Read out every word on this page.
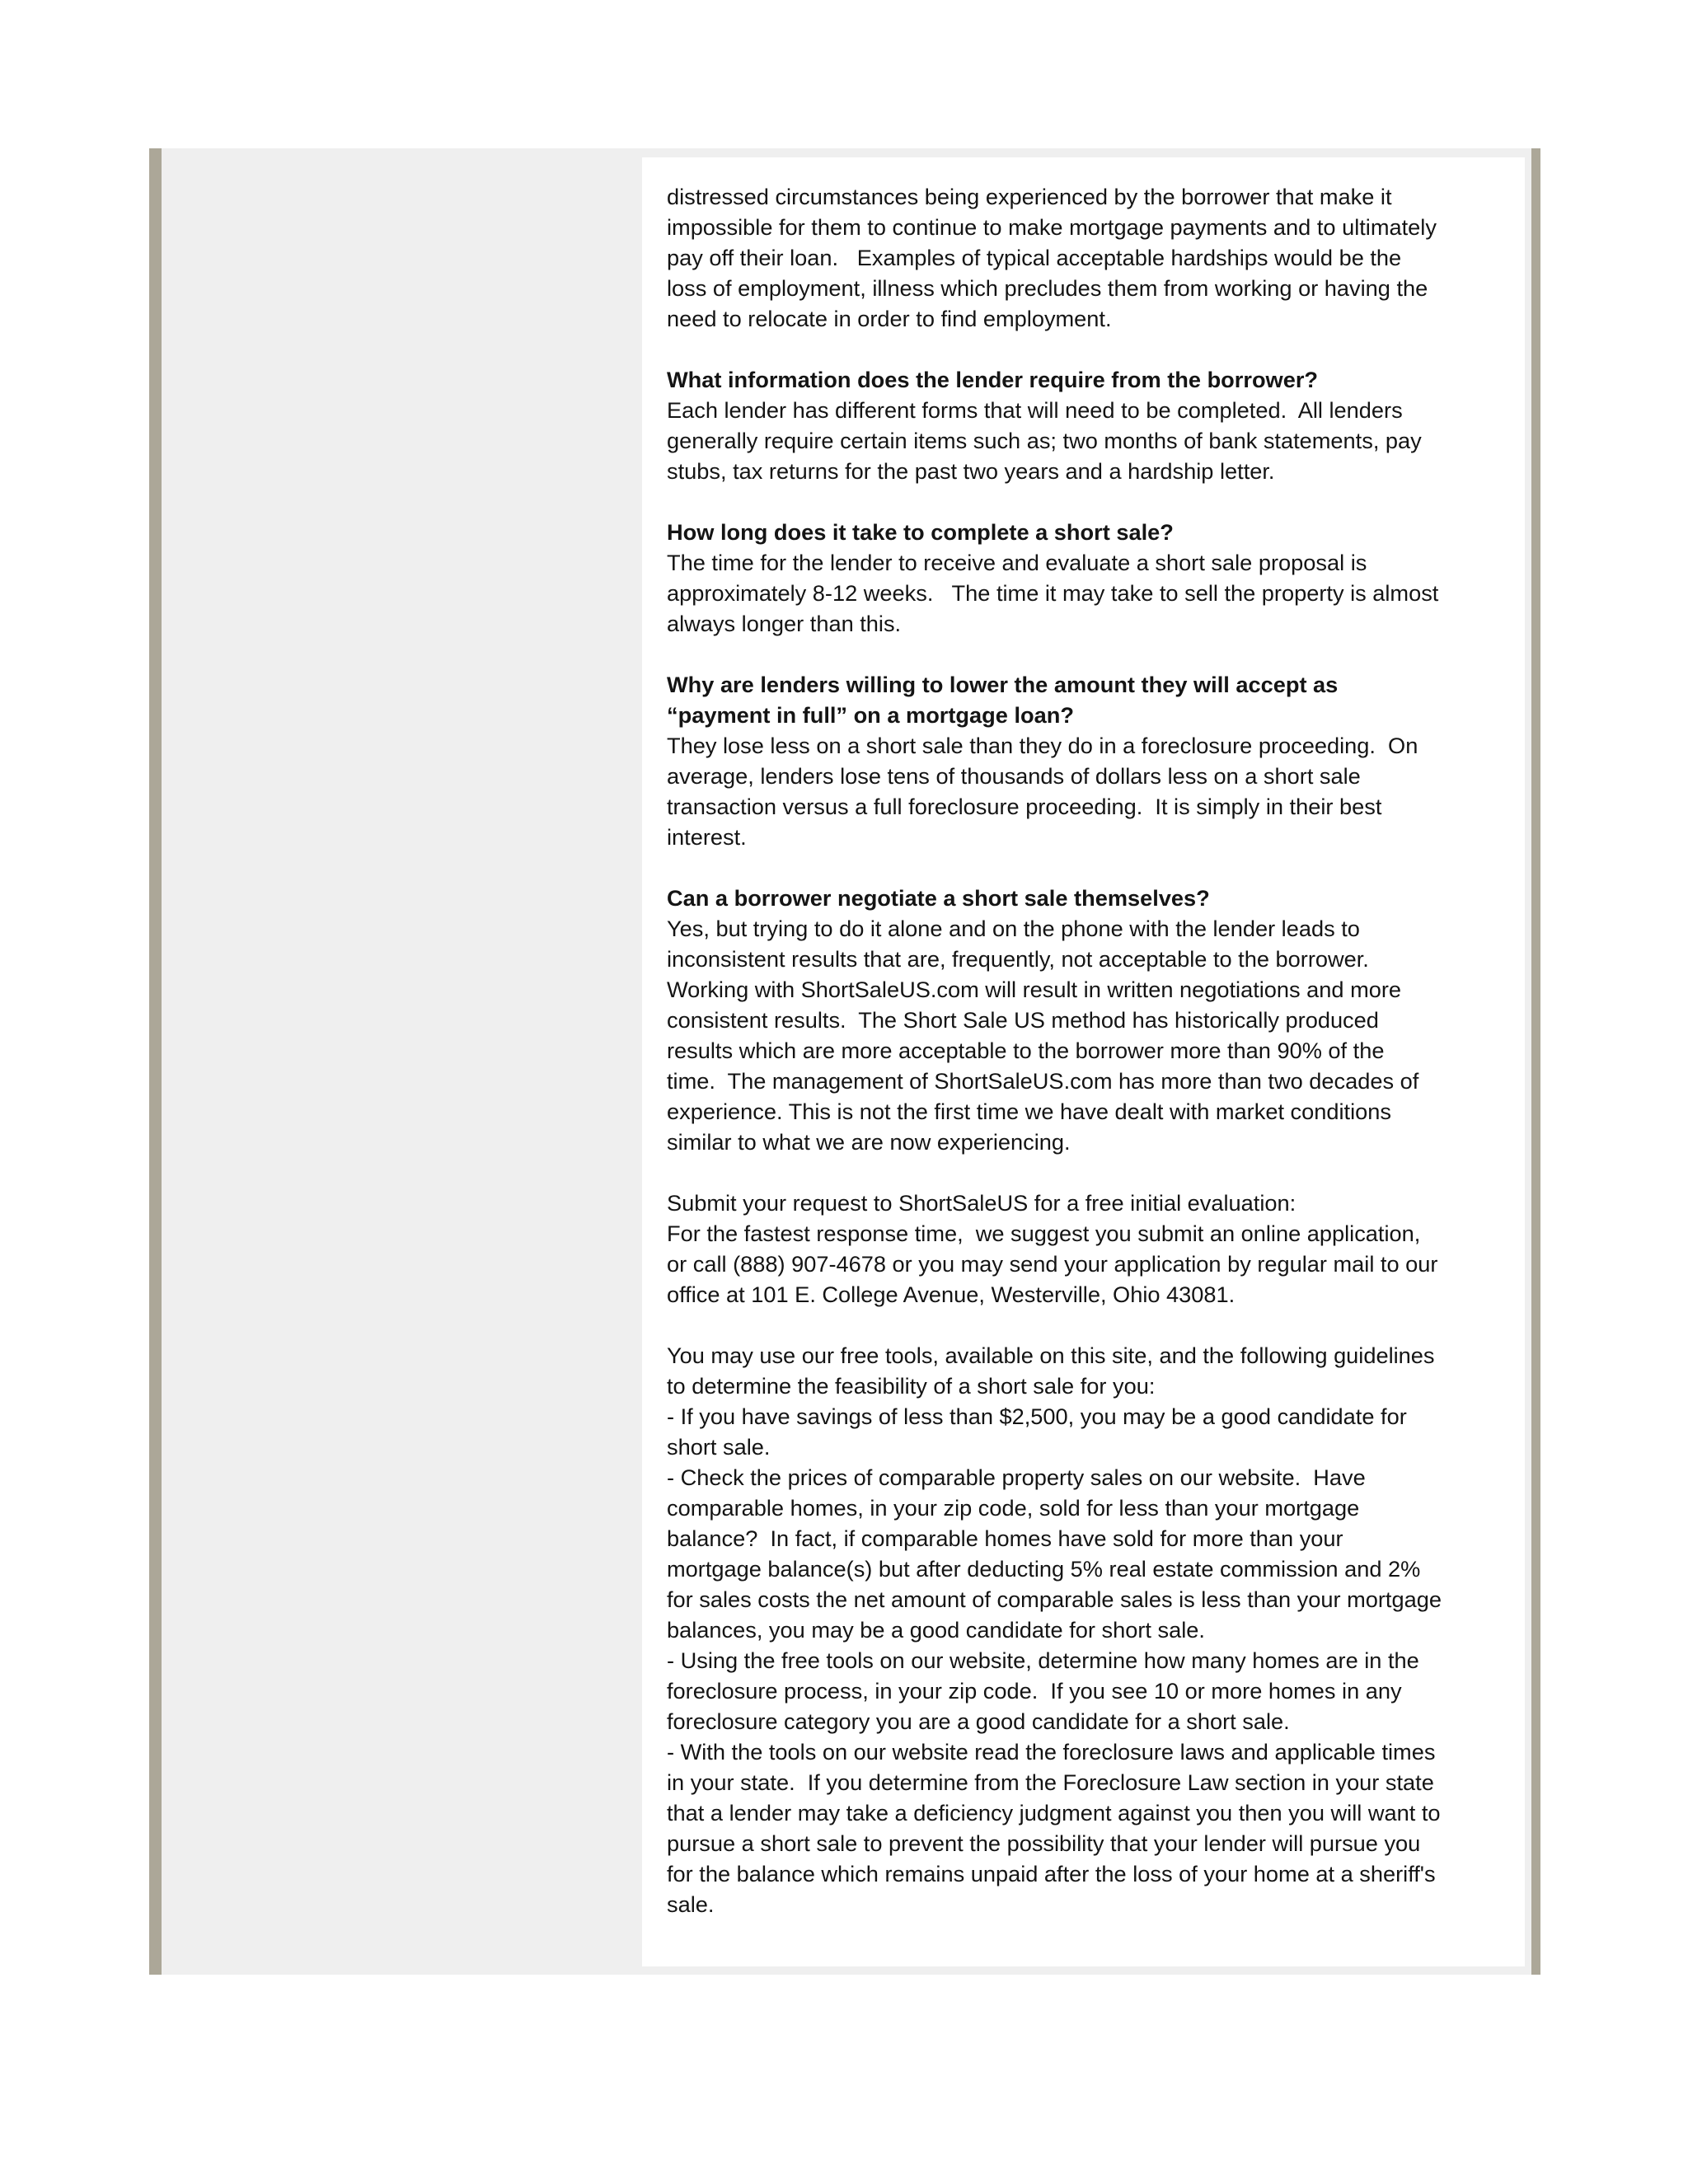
distressed circumstances being experienced by the borrower that make it
impossible for them to continue to make mortgage payments and to ultimately
pay off their loan.   Examples of typical acceptable hardships would be the
loss of employment, illness which precludes them from working or having the
need to relocate in order to find employment.

What information does the lender require from the borrower?
Each lender has different forms that will need to be completed.  All lenders
generally require certain items such as; two months of bank statements, pay
stubs, tax returns for the past two years and a hardship letter.

How long does it take to complete a short sale?
The time for the lender to receive and evaluate a short sale proposal is
approximately 8-12 weeks.   The time it may take to sell the property is almost
always longer than this.

Why are lenders willing to lower the amount they will accept as
“payment in full” on a mortgage loan?
They lose less on a short sale than they do in a foreclosure proceeding.  On
average, lenders lose tens of thousands of dollars less on a short sale
transaction versus a full foreclosure proceeding.  It is simply in their best
interest.

Can a borrower negotiate a short sale themselves?
Yes, but trying to do it alone and on the phone with the lender leads to
inconsistent results that are, frequently, not acceptable to the borrower.
Working with ShortSaleUS.com will result in written negotiations and more
consistent results.  The Short Sale US method has historically produced
results which are more acceptable to the borrower more than 90% of the
time.  The management of ShortSaleUS.com has more than two decades of
experience. This is not the first time we have dealt with market conditions
similar to what we are now experiencing.

Submit your request to ShortSaleUS for a free initial evaluation:
For the fastest response time,  we suggest you submit an online application,
or call (888) 907-4678 or you may send your application by regular mail to our
office at 101 E. College Avenue, Westerville, Ohio 43081.

You may use our free tools, available on this site, and the following guidelines
to determine the feasibility of a short sale for you:
- If you have savings of less than $2,500, you may be a good candidate for
short sale.
- Check the prices of comparable property sales on our website.  Have
comparable homes, in your zip code, sold for less than your mortgage
balance?  In fact, if comparable homes have sold for more than your
mortgage balance(s) but after deducting 5% real estate commission and 2%
for sales costs the net amount of comparable sales is less than your mortgage
balances, you may be a good candidate for short sale.
- Using the free tools on our website, determine how many homes are in the
foreclosure process, in your zip code.  If you see 10 or more homes in any
foreclosure category you are a good candidate for a short sale.
- With the tools on our website read the foreclosure laws and applicable times
in your state.  If you determine from the Foreclosure Law section in your state
that a lender may take a deficiency judgment against you then you will want to
pursue a short sale to prevent the possibility that your lender will pursue you
for the balance which remains unpaid after the loss of your home at a sheriff's
sale.
